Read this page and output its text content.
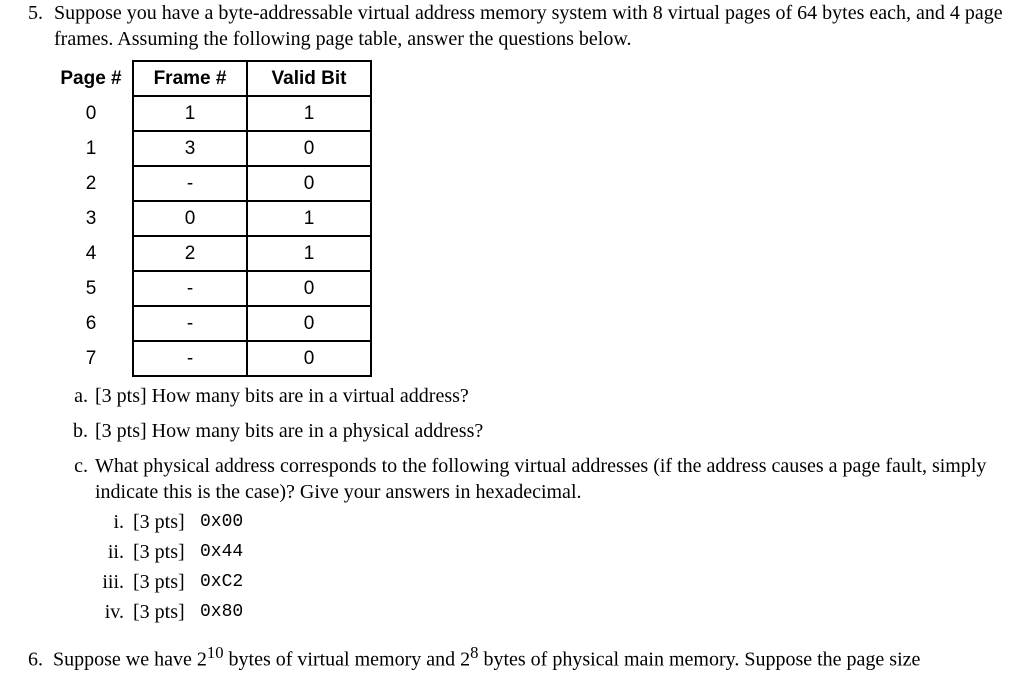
5. Suppose you have a byte-addressable virtual address memory system with 8 virtual pages of 64 bytes each, and 4 page frames. Assuming the following page table, answer the questions below.
Page #	Frame #	Valid Bit
0	1	1
1	3	0
2	-	0
3	0	1
4	2	1
5	-	0
6	-	0
7	-	0
a. [3 pts] How many bits are in a virtual address?
b. [3 pts] How many bits are in a physical address?
c. What physical address corresponds to the following virtual addresses (if the address causes a page fault, simply indicate this is the case)? Give your answers in hexadecimal.
i. [3 pts] 0x00
ii. [3 pts] 0x44
iii. [3 pts] 0xC2
iv. [3 pts] 0x80
6. Suppose we have $2^{10}$ bytes of virtual memory and $2^8$ bytes of physical main memory. Suppose the page size
